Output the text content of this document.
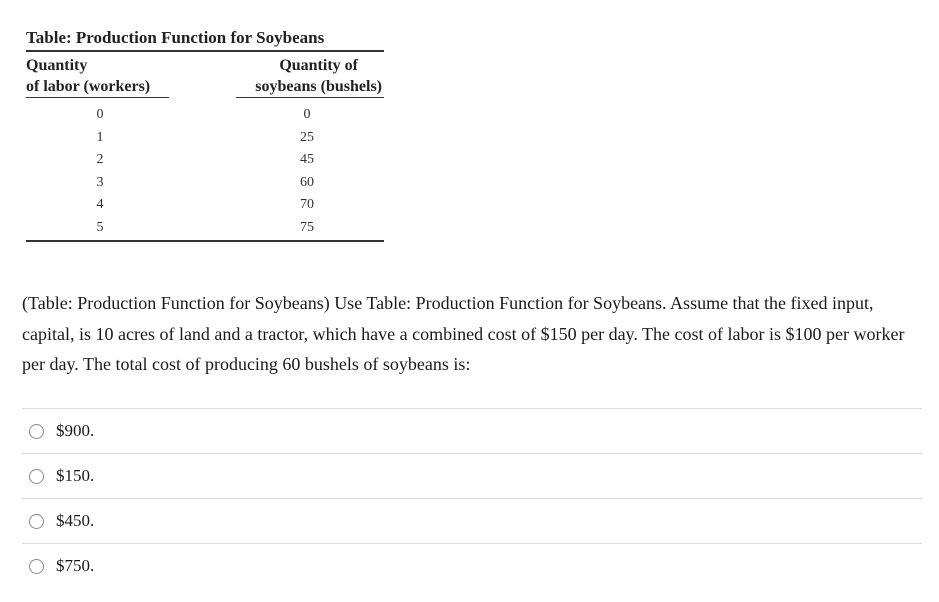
Table: Production Function for Soybeans
Quantity
of labor (workers)
Quantity of
soybeans (bushels)
0	0
1	25
2	45
3	60
4	70
5	75
(Table: Production Function for Soybeans) Use Table: Production Function for Soybeans. Assume that the fixed input, capital, is 10 acres of land and a tractor, which have a combined cost of $150 per day. The cost of labor is $100 per worker per day. The total cost of producing 60 bushels of soybeans is:
$900.
$150.
$450.
$750.
